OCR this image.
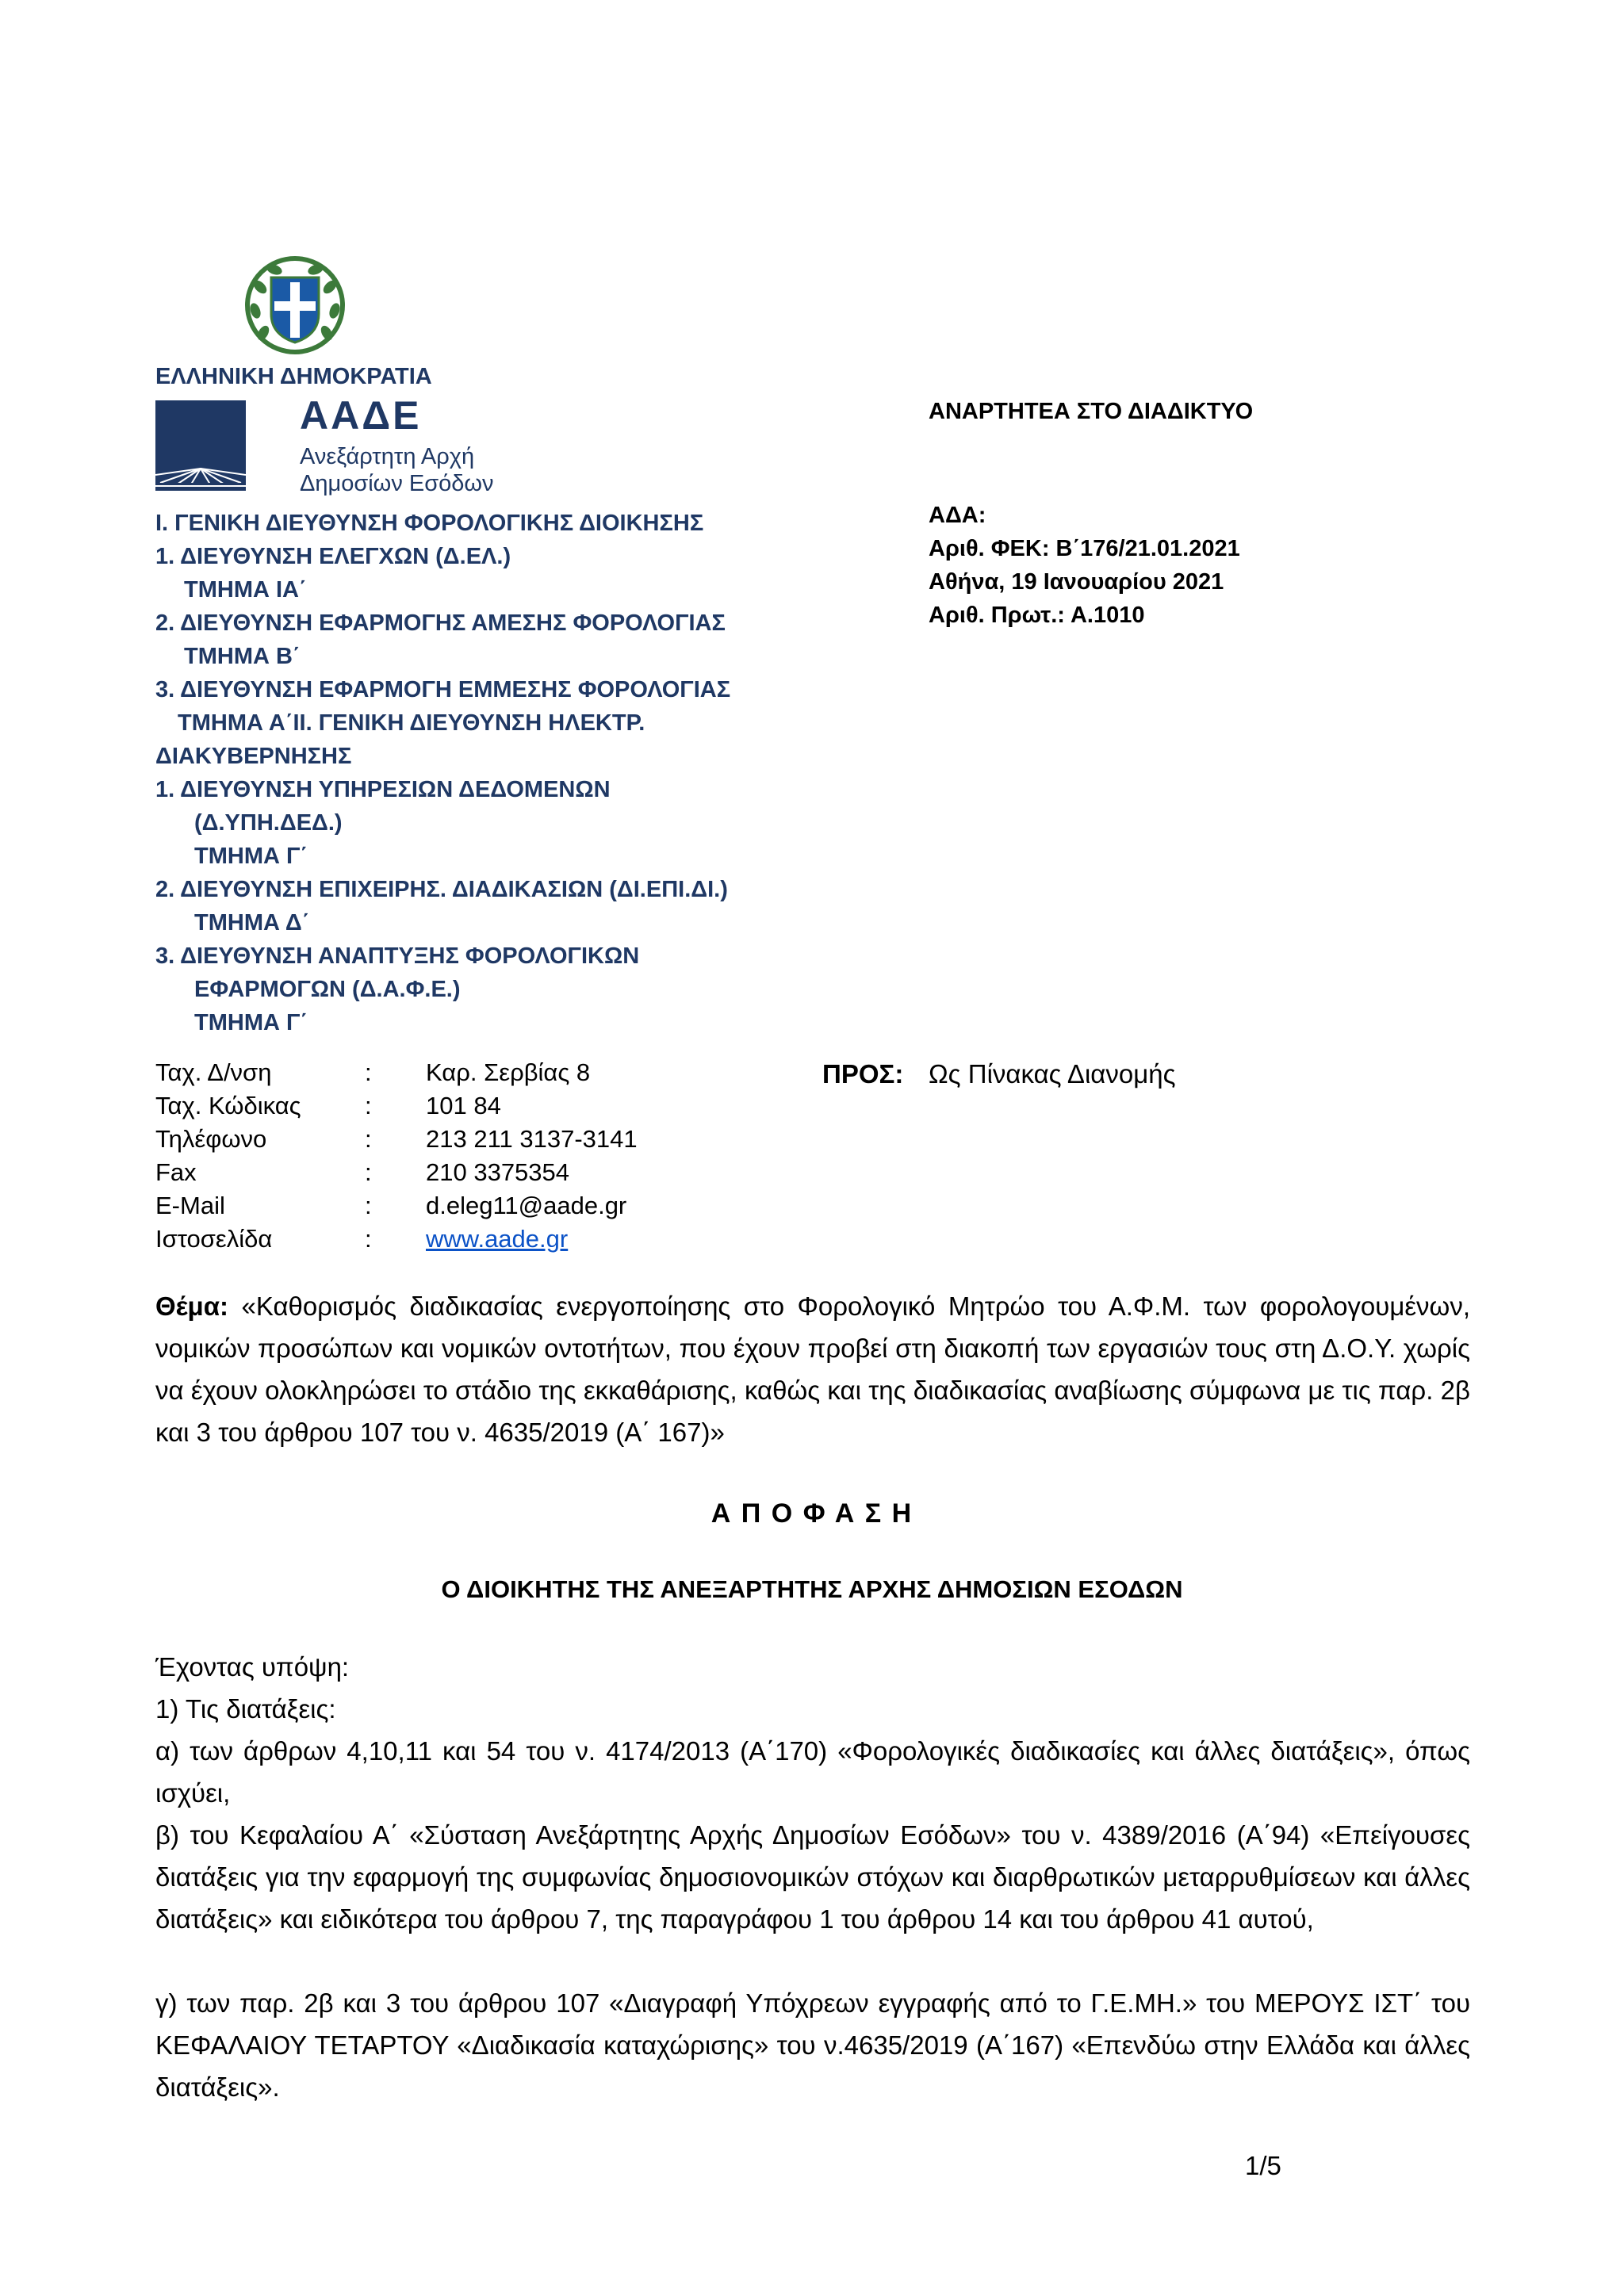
ΕΛΛΗΝΙΚΗ ΔΗΜΟΚΡΑΤΙΑ
ΑΑΔΕ
Ανεξάρτητη Αρχή
Δημοσίων Εσόδων
Ι. ΓΕΝΙΚΗ ΔΙΕΥΘΥΝΣΗ ΦΟΡΟΛΟΓΙΚΗΣ ΔΙΟΙΚΗΣΗΣ
1. ΔΙΕΥΘΥΝΣΗ ΕΛΕΓΧΩΝ (Δ.ΕΛ.)
ΤΜΗΜΑ ΙΑ΄
2. ΔΙΕΥΘΥΝΣΗ ΕΦΑΡΜΟΓΗΣ ΑΜΕΣΗΣ ΦΟΡΟΛΟΓΙΑΣ
ΤΜΗΜΑ Β΄
3. ΔΙΕΥΘΥΝΣΗ ΕΦΑΡΜΟΓΗ ΕΜΜΕΣΗΣ ΦΟΡΟΛΟΓΙΑΣ
ΤΜΗΜΑ Α΄ΙΙ. ΓΕΝΙΚΗ ΔΙΕΥΘΥΝΣΗ ΗΛΕΚΤΡ.
ΔΙΑΚΥΒΕΡΝΗΣΗΣ
1. ΔΙΕΥΘΥΝΣΗ ΥΠΗΡΕΣΙΩΝ ΔΕΔΟΜΕΝΩΝ
(Δ.ΥΠΗ.ΔΕΔ.)
ΤΜΗΜΑ Γ΄
2. ΔΙΕΥΘΥΝΣΗ ΕΠΙΧΕΙΡΗΣ. ΔΙΑΔΙΚΑΣΙΩΝ (ΔΙ.ΕΠΙ.ΔΙ.)
ΤΜΗΜΑ Δ΄
3. ΔΙΕΥΘΥΝΣΗ ΑΝΑΠΤΥΞΗΣ ΦΟΡΟΛΟΓΙΚΩΝ
ΕΦΑΡΜΟΓΩΝ (Δ.Α.Φ.Ε.)
ΤΜΗΜΑ Γ΄
ΑΝΑΡΤΗΤΕΑ ΣΤΟ ΔΙΑΔΙΚΤΥΟ
ΑΔΑ:
Αριθ. ΦΕΚ: Β΄176/21.01.2021
Αθήνα, 19 Ιανουαρίου 2021
Αριθ. Πρωτ.: Α.1010
Ταχ. Δ/νση	: Καρ. Σερβίας 8
Ταχ. Κώδικας	: 101 84
Τηλέφωνο	: 213 211 3137-3141
Fax	: 210 3375354
E-Mail	: d.eleg11@aade.gr
Ιστοσελίδα	: www.aade.gr
ΠΡΟΣ: Ως Πίνακας Διανομής
Θέμα: «Καθορισμός διαδικασίας ενεργοποίησης στο Φορολογικό Μητρώο του Α.Φ.Μ. των φορολογουμένων, νομικών προσώπων και νομικών οντοτήτων, που έχουν προβεί στη διακοπή των εργασιών τους στη Δ.Ο.Υ. χωρίς να έχουν ολοκληρώσει το στάδιο της εκκαθάρισης, καθώς και της διαδικασίας αναβίωσης σύμφωνα με τις παρ. 2β και 3 του άρθρου 107 του ν. 4635/2019 (Α΄ 167)»
Α Π Ο Φ Α Σ Η
Ο ΔΙΟΙΚΗΤΗΣ ΤΗΣ ΑΝΕΞΑΡΤΗΤΗΣ ΑΡΧΗΣ ΔΗΜΟΣΙΩΝ ΕΣΟΔΩΝ
Έχοντας υπόψη:
1) Τις διατάξεις:
α) των άρθρων 4,10,11 και 54 του ν. 4174/2013 (Α΄170) «Φορολογικές διαδικασίες και άλλες διατάξεις», όπως ισχύει,
β) του Κεφαλαίου Α΄ «Σύσταση Ανεξάρτητης Αρχής Δημοσίων Εσόδων» του ν. 4389/2016 (Α΄94) «Επείγουσες διατάξεις για την εφαρμογή της συμφωνίας δημοσιονομικών στόχων και διαρθρωτικών μεταρρυθμίσεων και άλλες διατάξεις» και ειδικότερα του άρθρου 7, της παραγράφου 1 του άρθρου 14 και του άρθρου 41 αυτού,
γ) των παρ. 2β και 3 του άρθρου 107 «Διαγραφή Υπόχρεων εγγραφής από το Γ.Ε.ΜΗ.» του ΜΕΡΟΥΣ ΙΣΤ΄ του ΚΕΦΑΛΑΙΟΥ ΤΕΤΑΡΤΟΥ «Διαδικασία καταχώρισης» του ν.4635/2019 (Α΄167) «Επενδύω στην Ελλάδα και άλλες διατάξεις».
1/5
